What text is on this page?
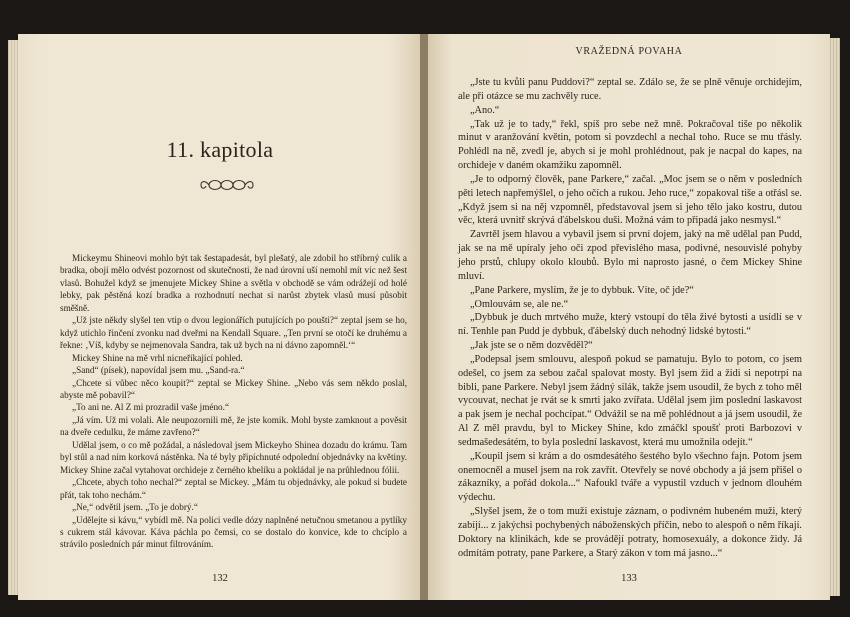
11. kapitola

Mickeymu Shineovi mohlo být tak šestapadesát, byl plešatý, ale zdobil ho stříbrný culík a bradka, obojí mělo odvést pozornost od skutečnosti, že nad úrovní uší nemohl mít víc než šest vlasů. Bohužel když se jmenujete Mickey Shine a světla v obchodě se vám odrážejí od holé lebky, pak pěstěná kozí bradka a rozhodnutí nechat si narůst zbytek vlasů musí působit směšně.

„Už jste někdy slyšel ten vtip o dvou legionářích putujících po poušti?“ zeptal jsem se ho, když utichlo řinčení zvonku nad dveřmi na Kendall Square. „Ten první se otočí ke druhému a řekne: ‚Víš, kdyby se nejmenovala Sandra, tak už bych na ni dávno zapomněl.‘“

Mickey Shine na mě vrhl nicneříkající pohled.

„Sand“ (písek), napovídal jsem mu. „Sand-ra.“

„Chcete si vůbec něco koupit?“ zeptal se Mickey Shine. „Nebo vás sem někdo poslal, abyste mě pobavil?“

„To ani ne. Al Z mi prozradil vaše jméno.“

„Já vím. Už mi volali. Ale neupozornili mě, že jste komik. Mohl byste zamknout a pověsit na dveře cedulku, že máme zavřeno?“

Udělal jsem, o co mě požádal, a následoval jsem Mickeyho Shinea dozadu do krámu. Tam byl stůl a nad ním korková nástěnka. Na té byly připíchnuté odpolední objednávky na květiny. Mickey Shine začal vytahovat orchideje z černého kbelíku a pokládal je na průhlednou fólii.

„Chcete, abych toho nechal?“ zeptal se Mickey. „Mám tu objednávky, ale pokud si budete přát, tak toho nechám.“

„Ne,“ odvětil jsem. „To je dobrý.“

„Udělejte si kávu,“ vybídl mě. Na polici vedle dózy naplněné netučnou smetanou a pytlíky s cukrem stál kávovar. Káva páchla po čemsi, co se dostalo do konvice, kde to chcíplo a strávilo posledních pár minut filtrováním.

132
VRAŽEDNÁ POVAHA

„Jste tu kvůli panu Puddovi?“ zeptal se. Zdálo se, že se plně věnuje orchidejím, ale při otázce se mu zachvěly ruce.

„Ano.“

„Tak už je to tady,“ řekl, spíš pro sebe než mně. Pokračoval tiše po několik minut v aranžování květin, potom si povzdechl a nechal toho. Ruce se mu třásly. Pohlédl na ně, zvedl je, abych si je mohl prohlédnout, pak je nacpal do kapes, na orchideje v daném okamžiku zapomněl.

„Je to odporný člověk, pane Parkere,“ začal. „Moc jsem se o něm v posledních pěti letech napřemýšlel, o jeho očích a rukou. Jeho ruce,“ zopakoval tiše a otřásl se. „Když jsem si na něj vzpomněl, představoval jsem si jeho tělo jako kostru, dutou věc, která uvnitř skrývá ďábelskou duši. Možná vám to připadá jako nesmysl.“

Zavrtěl jsem hlavou a vybavil jsem si první dojem, jaký na mě udělal pan Pudd, jak se na mě upíraly jeho oči zpod převislého masa, podivné, nesouvislé pohyby jeho prstů, chlupy okolo kloubů. Bylo mi naprosto jasné, o čem Mickey Shine mluví.

„Pane Parkere, myslím, že je to dybbuk. Víte, oč jde?“

„Omlouvám se, ale ne.“

„Dybbuk je duch mrtvého muže, který vstoupí do těla živé bytosti a usídlí se v ní. Tenhle pan Pudd je dybbuk, ďábelský duch nehodný lidské bytosti.“

„Jak jste se o něm dozvěděl?“

„Podepsal jsem smlouvu, alespoň pokud se pamatuju. Bylo to potom, co jsem odešel, co jsem za sebou začal spalovat mosty. Byl jsem žid a židi si nepotrpí na bibli, pane Parkere. Nebyl jsem žádný silák, takže jsem usoudil, že bych z toho měl vycouvat, nechat je rvát se k smrti jako zvířata. Udělal jsem jim poslední laskavost a pak jsem je nechal pochcípat.“ Odvážil se na mě pohlédnout a já jsem usoudil, že Al Z měl pravdu, byl to Mickey Shine, kdo zmáčkl spoušť proti Barbozovi v sedmašedesátém, to byla poslední laskavost, která mu umožnila odejít.“

„Koupil jsem si krám a do osmdesátého šestého bylo všechno fajn. Potom jsem onemocněl a musel jsem na rok zavřít. Otevřely se nové obchody a já jsem přišel o zákazníky, a pořád dokola...“ Nafoukl tváře a vypustil vzduch v jednom dlouhém výdechu.

„Slyšel jsem, že o tom muži existuje záznam, o podivném hubeném muži, který zabíjí... z jakýchsi pochybených náboženských příčin, nebo to alespoň o něm říkají. Doktory na klinikách, kde se provádějí potraty, homosexuály, a dokonce židy. Já odmítám potraty, pane Parkere, a Starý zákon v tom má jasno...“

133
